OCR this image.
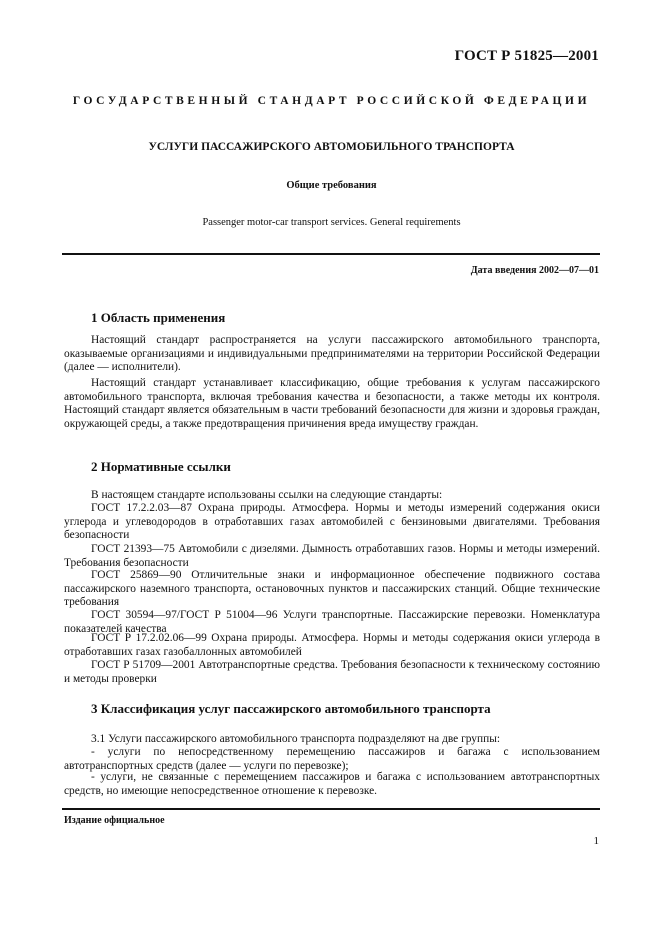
ГОСТ Р 51825—2001
ГОСУДАРСТВЕННЫЙ СТАНДАРТ РОССИЙСКОЙ ФЕДЕРАЦИИ
УСЛУГИ ПАССАЖИРСКОГО АВТОМОБИЛЬНОГО ТРАНСПОРТА
Общие требования
Passenger motor-car transport services. General requirements
Дата введения 2002—07—01
1 Область применения

Настоящий стандарт распространяется на услуги пассажирского автомобильного транспорта, оказываемые организациями и индивидуальными предпринимателями на территории Российской Федерации (далее — исполнители).

Настоящий стандарт устанавливает классификацию, общие требования к услугам пассажирского автомобильного транспорта, включая требования качества и безопасности, а также методы их контроля. Настоящий стандарт является обязательным в части требований безопасности для жизни и здоровья граждан, окружающей среды, а также предотвращения причинения вреда имуществу граждан.

2 Нормативные ссылки

В настоящем стандарте использованы ссылки на следующие стандарты:

ГОСТ 17.2.2.03—87 Охрана природы. Атмосфера. Нормы и методы измерений содержания окиси углерода и углеводородов в отработавших газах автомобилей с бензиновыми двигателями. Требования безопасности

ГОСТ 21393—75 Автомобили с дизелями. Дымность отработавших газов. Нормы и методы измерений. Требования безопасности

ГОСТ 25869—90 Отличительные знаки и информационное обеспечение подвижного состава пассажирского наземного транспорта, остановочных пунктов и пассажирских станций. Общие технические требования

ГОСТ 30594—97/ГОСТ Р 51004—96 Услуги транспортные. Пассажирские перевозки. Номенклатура показателей качества

ГОСТ Р 17.2.02.06—99 Охрана природы. Атмосфера. Нормы и методы содержания окиси углерода в отработавших газах газобаллонных автомобилей

ГОСТ Р 51709—2001 Автотранспортные средства. Требования безопасности к техническому состоянию и методы проверки

3 Классификация услуг пассажирского автомобильного транспорта

3.1 Услуги пассажирского автомобильного транспорта подразделяют на две группы:

- услуги по непосредственному перемещению пассажиров и багажа с использованием автотранспортных средств (далее — услуги по перевозке);

- услуги, не связанные с перемещением пассажиров и багажа с использованием автотранспортных средств, но имеющие непосредственное отношение к перевозке.

Издание официальное
1
